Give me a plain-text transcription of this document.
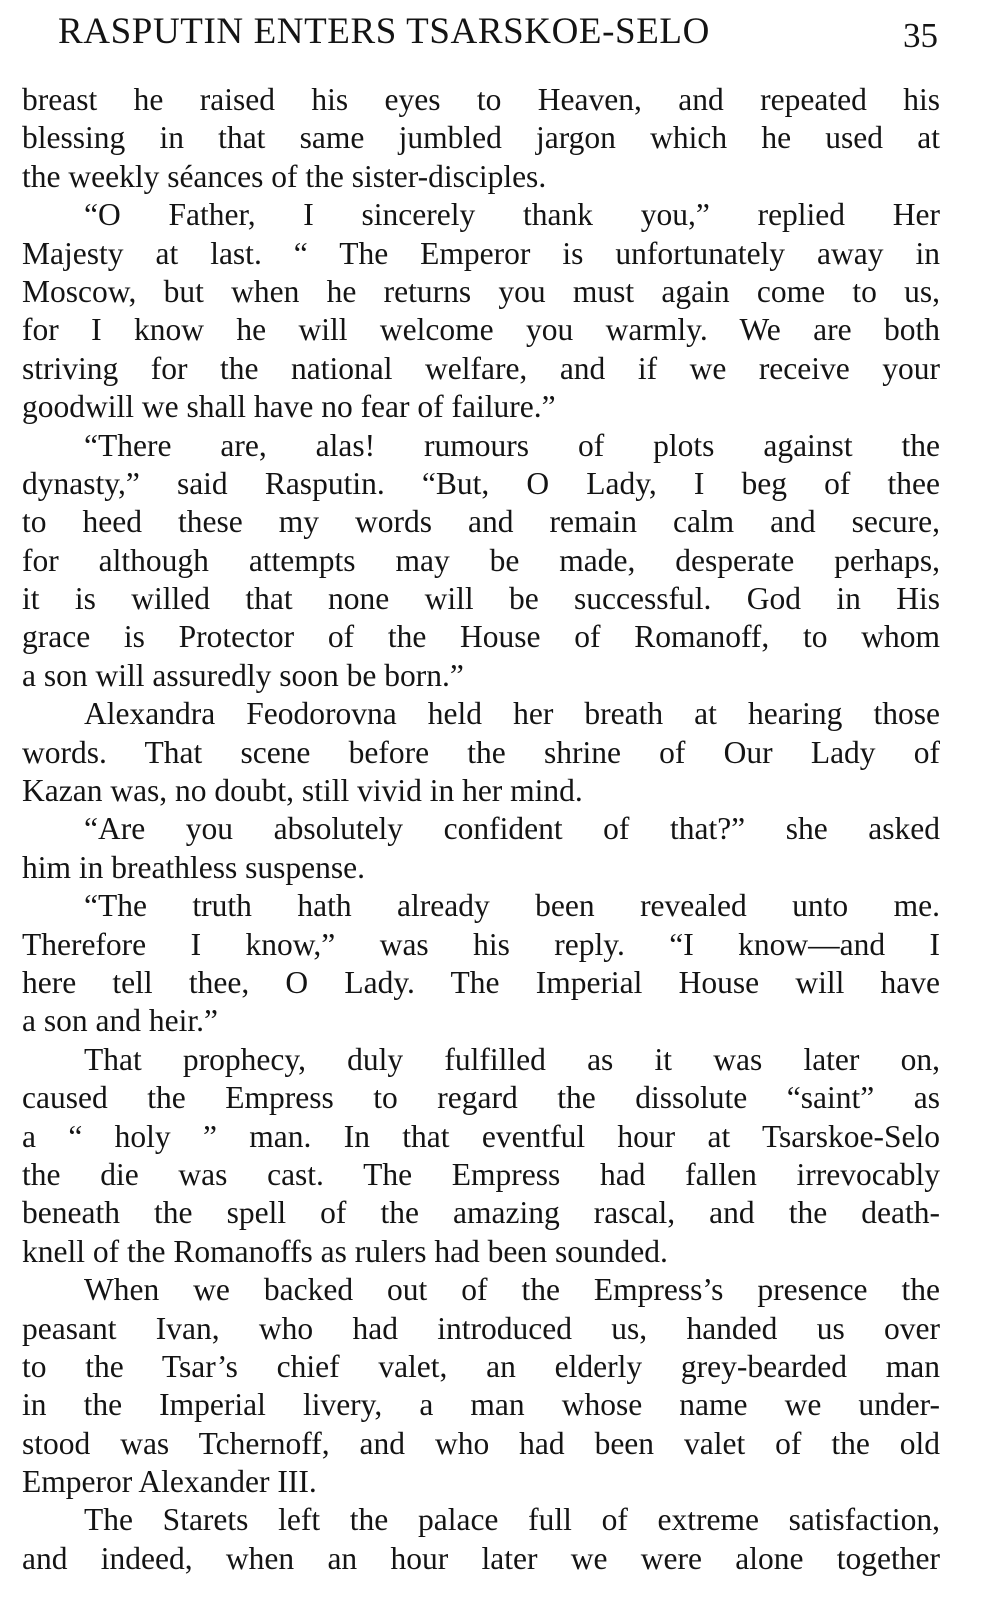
RASPUTIN ENTERS TSARSKOE-SELO	35
breast he raised his eyes to Heaven, and repeated his
blessing in that same jumbled jargon which he used at
the weekly séances of the sister-disciples.
“O Father, I sincerely thank you,” replied Her
Majesty at last. “ The Emperor is unfortunately away in
Moscow, but when he returns you must again come to us,
for I know he will welcome you warmly. We are both
striving for the national welfare, and if we receive your
goodwill we shall have no fear of failure.”
“There are, alas! rumours of plots against the
dynasty,” said Rasputin. “But, O Lady, I beg of thee
to heed these my words and remain calm and secure,
for although attempts may be made, desperate perhaps,
it is willed that none will be successful. God in His
grace is Protector of the House of Romanoff, to whom
a son will assuredly soon be born.”
Alexandra Feodorovna held her breath at hearing those
words. That scene before the shrine of Our Lady of
Kazan was, no doubt, still vivid in her mind.
“Are you absolutely confident of that?” she asked
him in breathless suspense.
“The truth hath already been revealed unto me.
Therefore I know,” was his reply. “I know—and I
here tell thee, O Lady. The Imperial House will have
a son and heir.”
That prophecy, duly fulfilled as it was later on,
caused the Empress to regard the dissolute “saint” as
a “ holy ” man. In that eventful hour at Tsarskoe-Selo
the die was cast. The Empress had fallen irrevocably
beneath the spell of the amazing rascal, and the death-
knell of the Romanoffs as rulers had been sounded.
When we backed out of the Empress’s presence the
peasant Ivan, who had introduced us, handed us over
to the Tsar’s chief valet, an elderly grey-bearded man
in the Imperial livery, a man whose name we under-
stood was Tchernoff, and who had been valet of the old
Emperor Alexander III.
The Starets left the palace full of extreme satisfaction,
and indeed, when an hour later we were alone together
